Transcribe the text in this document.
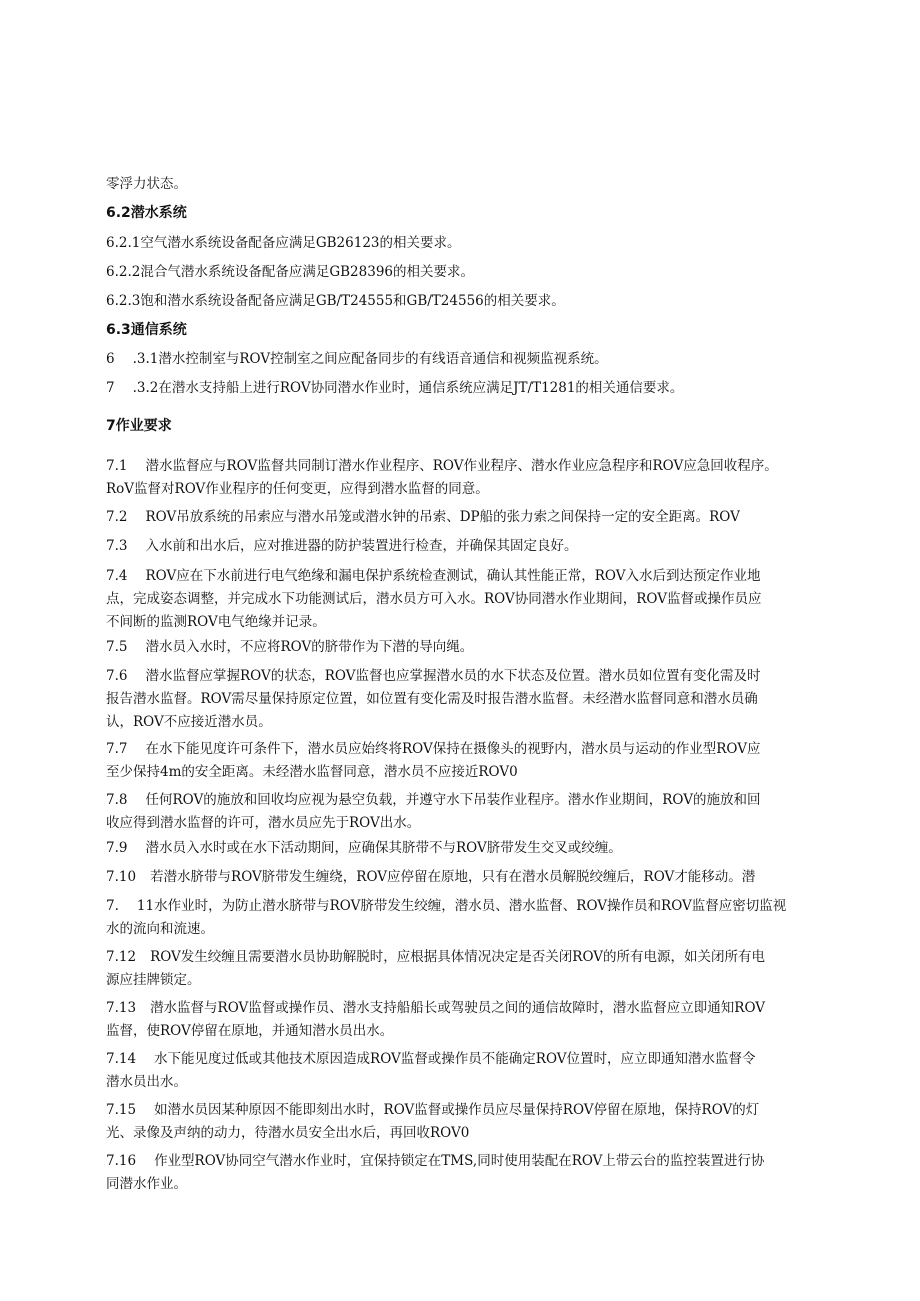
零浮力状态。
6.2潜水系统
6.2.1空气潜水系统设备配备应满足GB26123的相关要求。
6.2.2混合气潜水系统设备配备应满足GB28396的相关要求。
6.2.3饱和潜水系统设备配备应满足GB/T24555和GB/T24556的相关要求。
6.3通信系统
6 .3.1潜水控制室与ROV控制室之间应配备同步的有线语音通信和视频监视系统。
7 .3.2在潜水支持船上进行ROV协同潜水作业时，通信系统应满足JT/T1281的相关通信要求。
7作业要求
7.1 潜水监督应与ROV监督共同制订潜水作业程序、ROV作业程序、潜水作业应急程序和ROV应急回收程序。
RoV监督对ROV作业程序的任何变更，应得到潜水监督的同意。
7.2 ROV吊放系统的吊索应与潜水吊笼或潜水钟的吊索、DP船的张力索之间保持一定的安全距离。ROV
7.3 入水前和出水后，应对推进器的防护装置进行检查，并确保其固定良好。
7.4 ROV应在下水前进行电气绝缘和漏电保护系统检查测试，确认其性能正常，ROV入水后到达预定作业地
点，完成姿态调整，并完成水下功能测试后，潜水员方可入水。ROV协同潜水作业期间，ROV监督或操作员应
不间断的监测ROV电气绝缘并记录。
7.5 潜水员入水时，不应将ROV的脐带作为下潜的导向绳。
7.6 潜水监督应掌握ROV的状态，ROV监督也应掌握潜水员的水下状态及位置。潜水员如位置有变化需及时
报告潜水监督。ROV需尽量保持原定位置，如位置有变化需及时报告潜水监督。未经潜水监督同意和潜水员确
认，ROV不应接近潜水员。
7.7 在水下能见度许可条件下，潜水员应始终将ROV保持在摄像头的视野内，潜水员与运动的作业型ROV应
至少保持4m的安全距离。未经潜水监督同意，潜水员不应接近ROV0
7.8 任何ROV的施放和回收均应视为悬空负载，并遵守水下吊装作业程序。潜水作业期间，ROV的施放和回
收应得到潜水监督的许可，潜水员应先于ROV出水。
7.9 潜水员入水时或在水下活动期间，应确保其脐带不与ROV脐带发生交叉或绞缠。
7.10 若潜水脐带与ROV脐带发生缠绕，ROV应停留在原地，只有在潜水员解脱绞缠后，ROV才能移动。潜
7. 11水作业时，为防止潜水脐带与ROV脐带发生绞缠，潜水员、潜水监督、ROV操作员和ROV监督应密切监视
水的流向和流速。
7.12 ROV发生绞缠且需要潜水员协助解脱时，应根据具体情况决定是否关闭ROV的所有电源，如关闭所有电
源应挂牌锁定。
7.13 潜水监督与ROV监督或操作员、潜水支持船船长或驾驶员之间的通信故障时，潜水监督应立即通知ROV
监督，使ROV停留在原地，并通知潜水员出水。
7.14 水下能见度过低或其他技术原因造成ROV监督或操作员不能确定ROV位置时，应立即通知潜水监督令
潜水员出水。
7.15 如潜水员因某种原因不能即刻出水时，ROV监督或操作员应尽量保持ROV停留在原地，保持ROV的灯
光、录像及声纳的动力，待潜水员安全出水后，再回收ROV0
7.16 作业型ROV协同空气潜水作业时，宜保持锁定在TMS,同时使用装配在ROV上带云台的监控装置进行协
同潜水作业。
